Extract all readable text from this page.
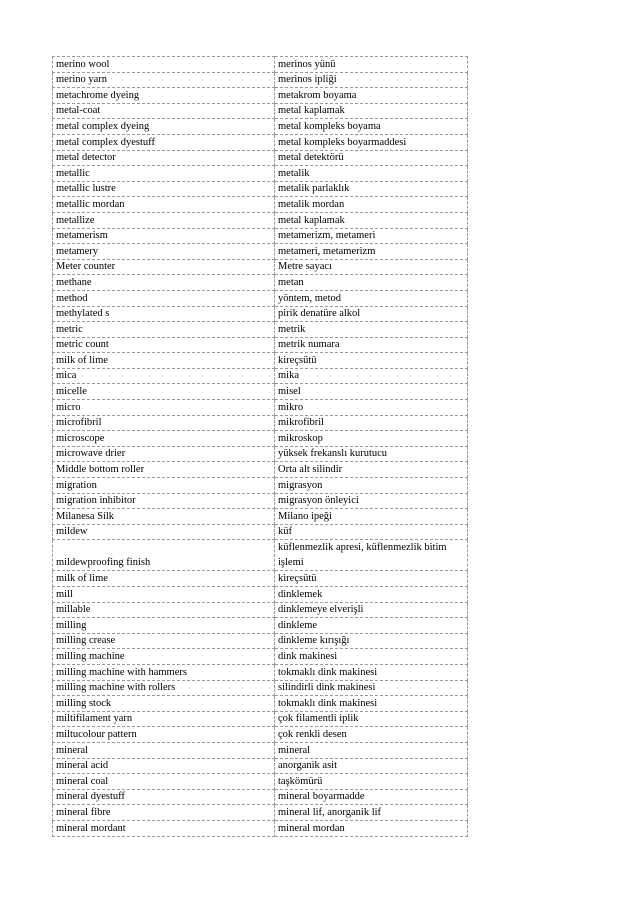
merino wool	merinos yünü
merino yarn	merinos ipliği
metachrome dyeing	metakrom boyama
metal-coat	metal kaplamak
metal complex dyeing	metal kompleks boyama
metal complex dyestuff	metal kompleks boyarmaddesi
metal detector	metal detektörü
metallic	metalik
metallic lustre	metalik parlaklık
metallic mordan	metalik mordan
metallize	metal kaplamak
metamerism	metamerizm, metameri
metamery	metameri, metamerizm
Meter counter	Metre sayacı
methane	metan
method	yöntem, metod
methylated s	pirik denatüre alkol
metric	metrik
metric count	metrik numara
milk of lime	kireçsütü
mica	mika
micelle	misel
micro	mikro
microfibril	mikrofibril
microscope	mikroskop
microwave drier	yüksek frekanslı kurutucu
Middle bottom roller	Orta alt silindir
migration	migrasyon
migration inhibitor	migrasyon önleyici
Milanesa Silk	Milano ipeği
mildew	küf
mildewproofing finish	küflenmezlik apresi, küflenmezlik bitim işlemi
milk of lime	kireçsütü
mill	dinklemek
millable	dinklemeye elverişli
milling	dinkleme
milling crease	dinkleme kırışığı
milling machine	dink makinesi
milling machine with hammers	tokmaklı dink makinesi
milling machine with rollers	silindirli dink makinesi
milling stock	tokmaklı dink makinesi
miltifilament yarn	çok filamentli iplik
miltucolour pattern	çok renkli desen
mineral	mineral
mineral acid	anorganik asit
mineral coal	taşkömürü
mineral dyestuff	mineral boyarmadde
mineral fibre	mineral lif, anorganik lif
mineral mordant	mineral mordan
